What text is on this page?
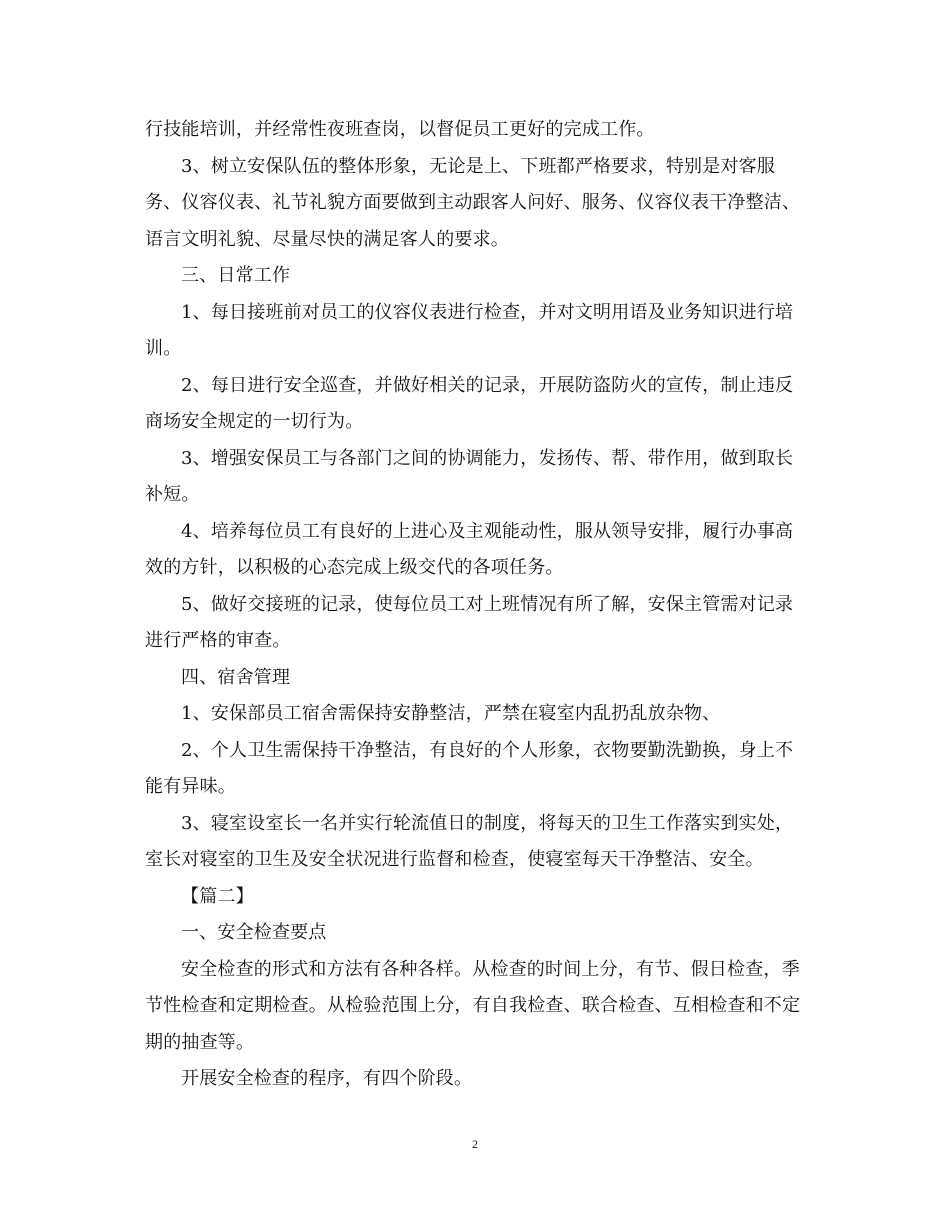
行技能培训，并经常性夜班查岗，以督促员工更好的完成工作。

3、树立安保队伍的整体形象，无论是上、下班都严格要求，特别是对客服务、仪容仪表、礼节礼貌方面要做到主动跟客人问好、服务、仪容仪表干净整洁、语言文明礼貌、尽量尽快的满足客人的要求。

三、日常工作

1、每日接班前对员工的仪容仪表进行检查，并对文明用语及业务知识进行培训。

2、每日进行安全巡查，并做好相关的记录，开展防盗防火的宣传，制止违反商场安全规定的一切行为。

3、增强安保员工与各部门之间的协调能力，发扬传、帮、带作用，做到取长补短。

4、培养每位员工有良好的上进心及主观能动性，服从领导安排，履行办事高效的方针，以积极的心态完成上级交代的各项任务。

5、做好交接班的记录，使每位员工对上班情况有所了解，安保主管需对记录进行严格的审查。

四、宿舍管理

1、安保部员工宿舍需保持安静整洁，严禁在寝室内乱扔乱放杂物、

2、个人卫生需保持干净整洁，有良好的个人形象，衣物要勤洗勤换，身上不能有异味。

3、寝室设室长一名并实行轮流值日的制度，将每天的卫生工作落实到实处，室长对寝室的卫生及安全状况进行监督和检查，使寝室每天干净整洁、安全。

【篇二】

一、安全检查要点

安全检查的形式和方法有各种各样。从检查的时间上分，有节、假日检查，季节性检查和定期检查。从检验范围上分，有自我检查、联合检查、互相检查和不定期的抽查等。

开展安全检查的程序，有四个阶段。

2
